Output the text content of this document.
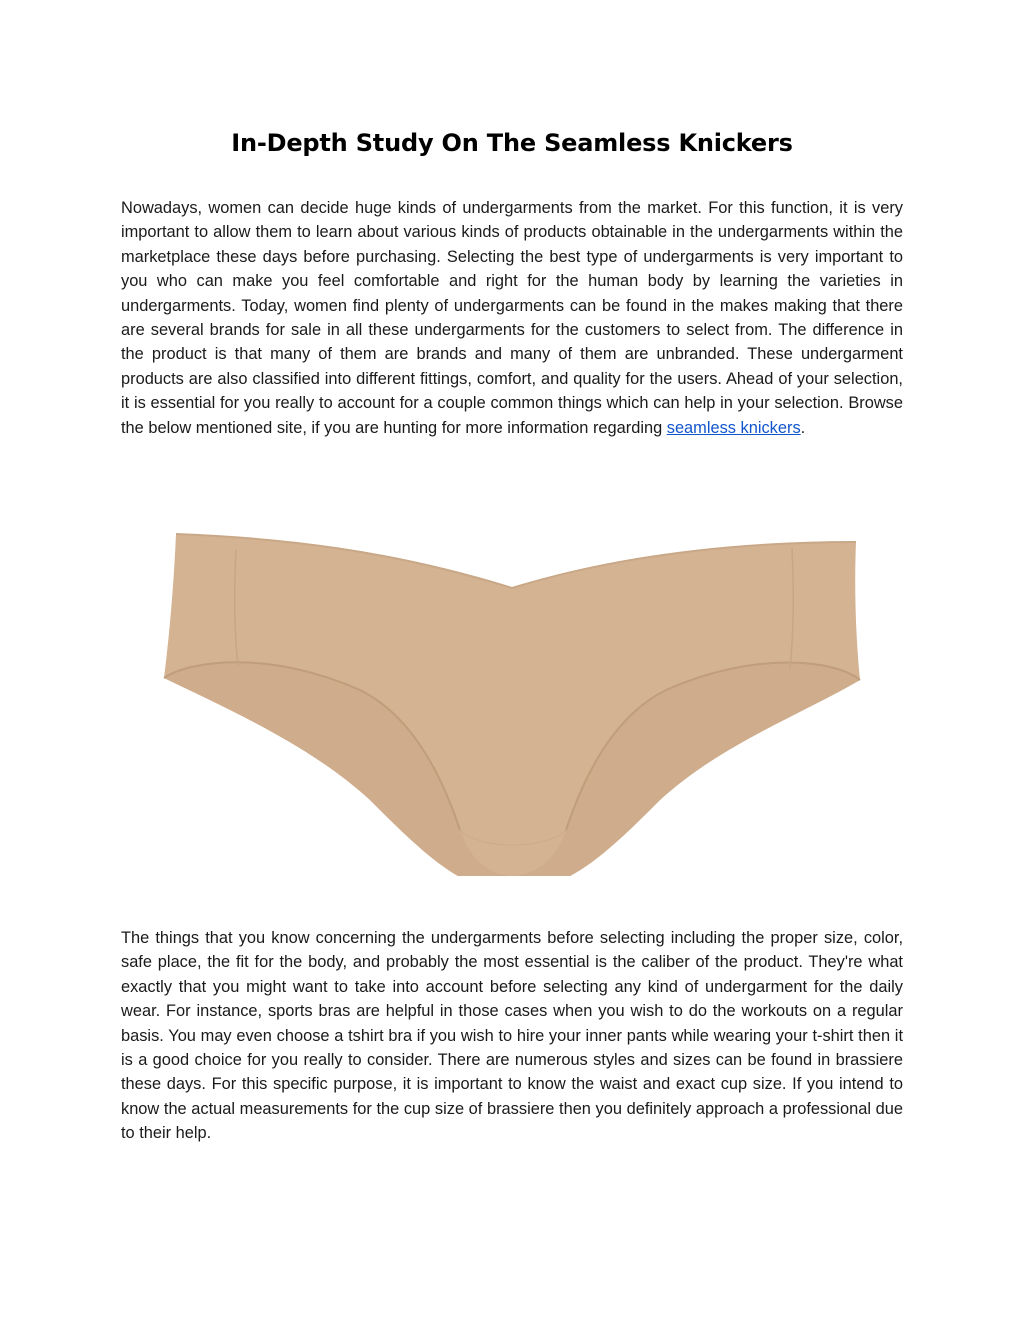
In-Depth Study On The Seamless Knickers

Nowadays, women can decide huge kinds of undergarments from the market. For this function, it is very important to allow them to learn about various kinds of products obtainable in the undergarments within the marketplace these days before purchasing. Selecting the best type of undergarments is very important to you who can make you feel comfortable and right for the human body by learning the varieties in undergarments. Today, women find plenty of undergarments can be found in the makes making that there are several brands for sale in all these undergarments for the customers to select from. The difference in the product is that many of them are brands and many of them are unbranded. These undergarment products are also classified into different fittings, comfort, and quality for the users. Ahead of your selection, it is essential for you really to account for a couple common things which can help in your selection. Browse the below mentioned site, if you are hunting for more information regarding seamless knickers.

The things that you know concerning the undergarments before selecting including the proper size, color, safe place, the fit for the body, and probably the most essential is the caliber of the product. They're what exactly that you might want to take into account before selecting any kind of undergarment for the daily wear. For instance, sports bras are helpful in those cases when you wish to do the workouts on a regular basis. You may even choose a tshirt bra if you wish to hire your inner pants while wearing your t-shirt then it is a good choice for you really to consider. There are numerous styles and sizes can be found in brassiere these days. For this specific purpose, it is important to know the waist and exact cup size. If you intend to know the actual measurements for the cup size of brassiere then you definitely approach a professional due to their help.
